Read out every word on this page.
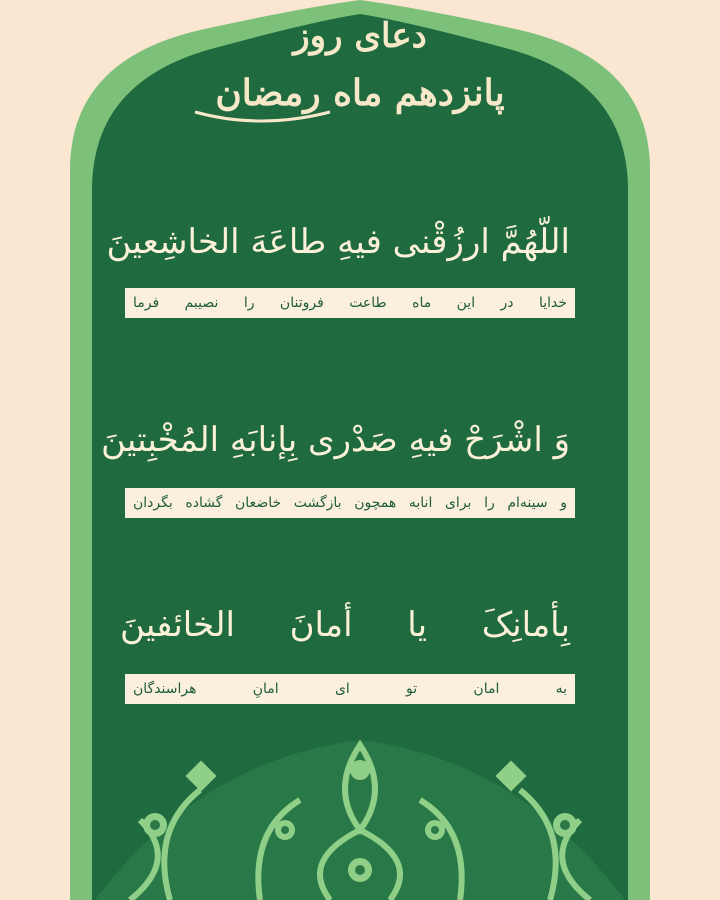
دعای روز
پانزدهم ماه رمضان
اللّهُمَّ ارزُقْنی فیهِ طاعَهَ الخاشِعینَ
خدایا در این ماه طاعت فروتنان را نصیبم فرما
وَ اشْرَحْ فیهِ صَدْری بِإنابَهِ المُخْبِتینَ
و سینه‌ام را برای انابه همچون بازگشت خاضعان گشاده بگردان
بِأمانِکَ یا أمانَ الخائفینَ
به امان تو ای امانِ هراسندگان
